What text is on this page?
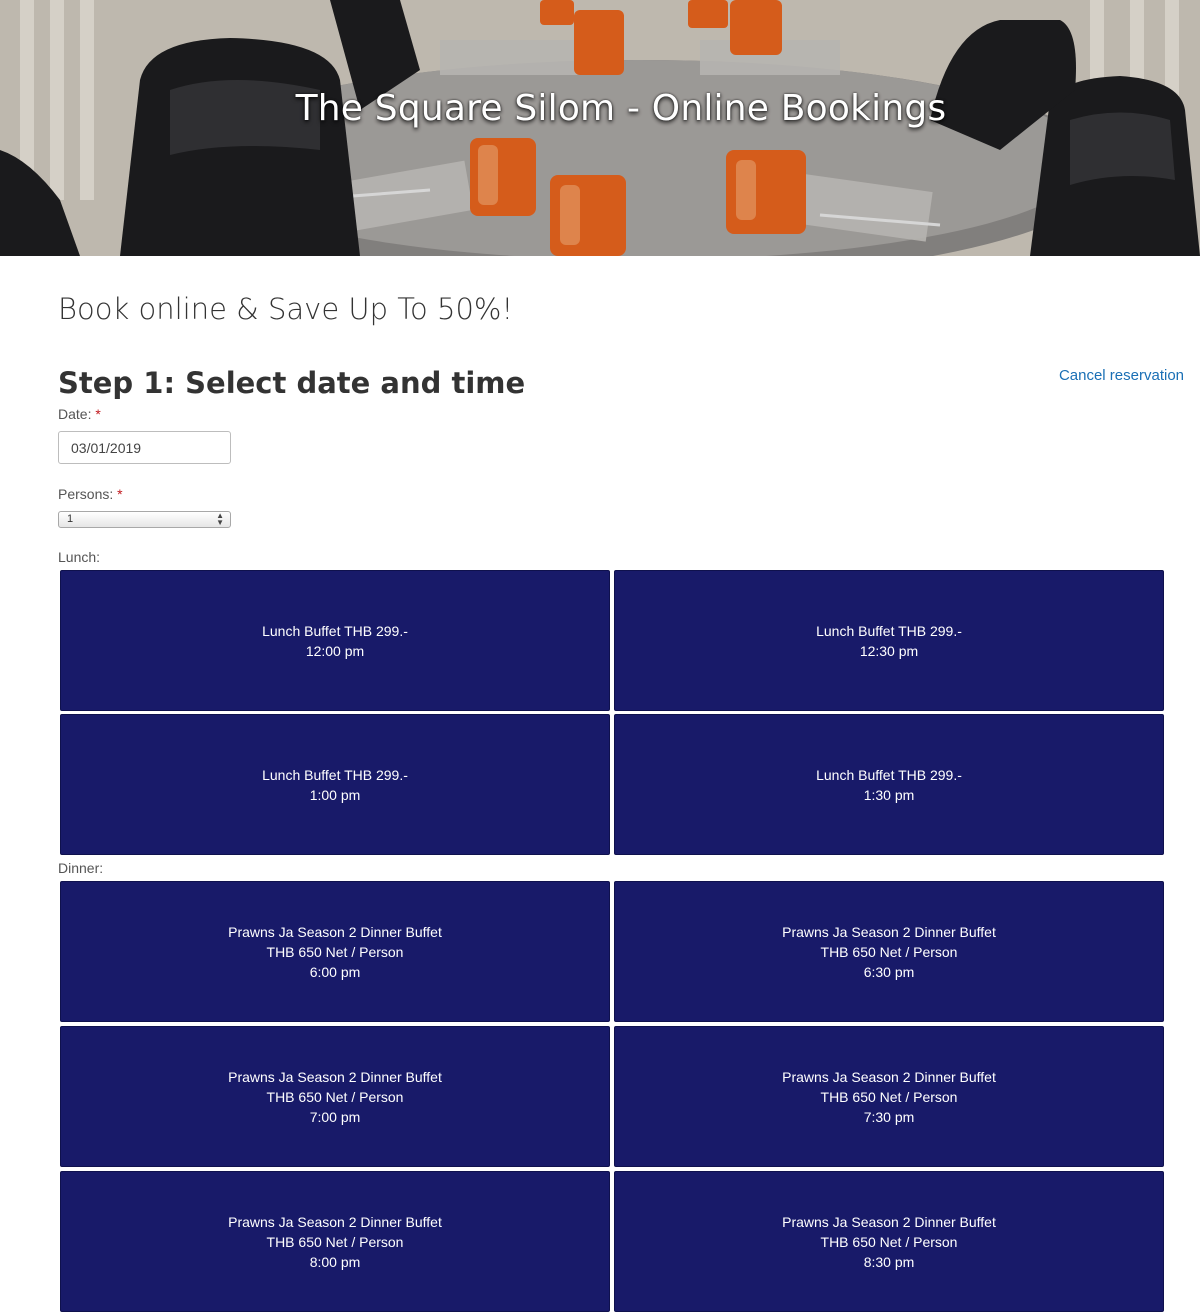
The Square Silom - Online Bookings
Book online & Save Up To 50%!
Step 1: Select date and time	Cancel reservation
Date: *
03/01/2019
Persons: *
1	▲
▼
Lunch:
Lunch Buffet THB 299.-
12:00 pm
Lunch Buffet THB 299.-
12:30 pm
Lunch Buffet THB 299.-
1:00 pm
Lunch Buffet THB 299.-
1:30 pm
Dinner:
Prawns Ja Season 2 Dinner Buffet
THB 650 Net / Person
6:00 pm
Prawns Ja Season 2 Dinner Buffet
THB 650 Net / Person
6:30 pm
Prawns Ja Season 2 Dinner Buffet
THB 650 Net / Person
7:00 pm
Prawns Ja Season 2 Dinner Buffet
THB 650 Net / Person
7:30 pm
Prawns Ja Season 2 Dinner Buffet
THB 650 Net / Person
8:00 pm
Prawns Ja Season 2 Dinner Buffet
THB 650 Net / Person
8:30 pm
